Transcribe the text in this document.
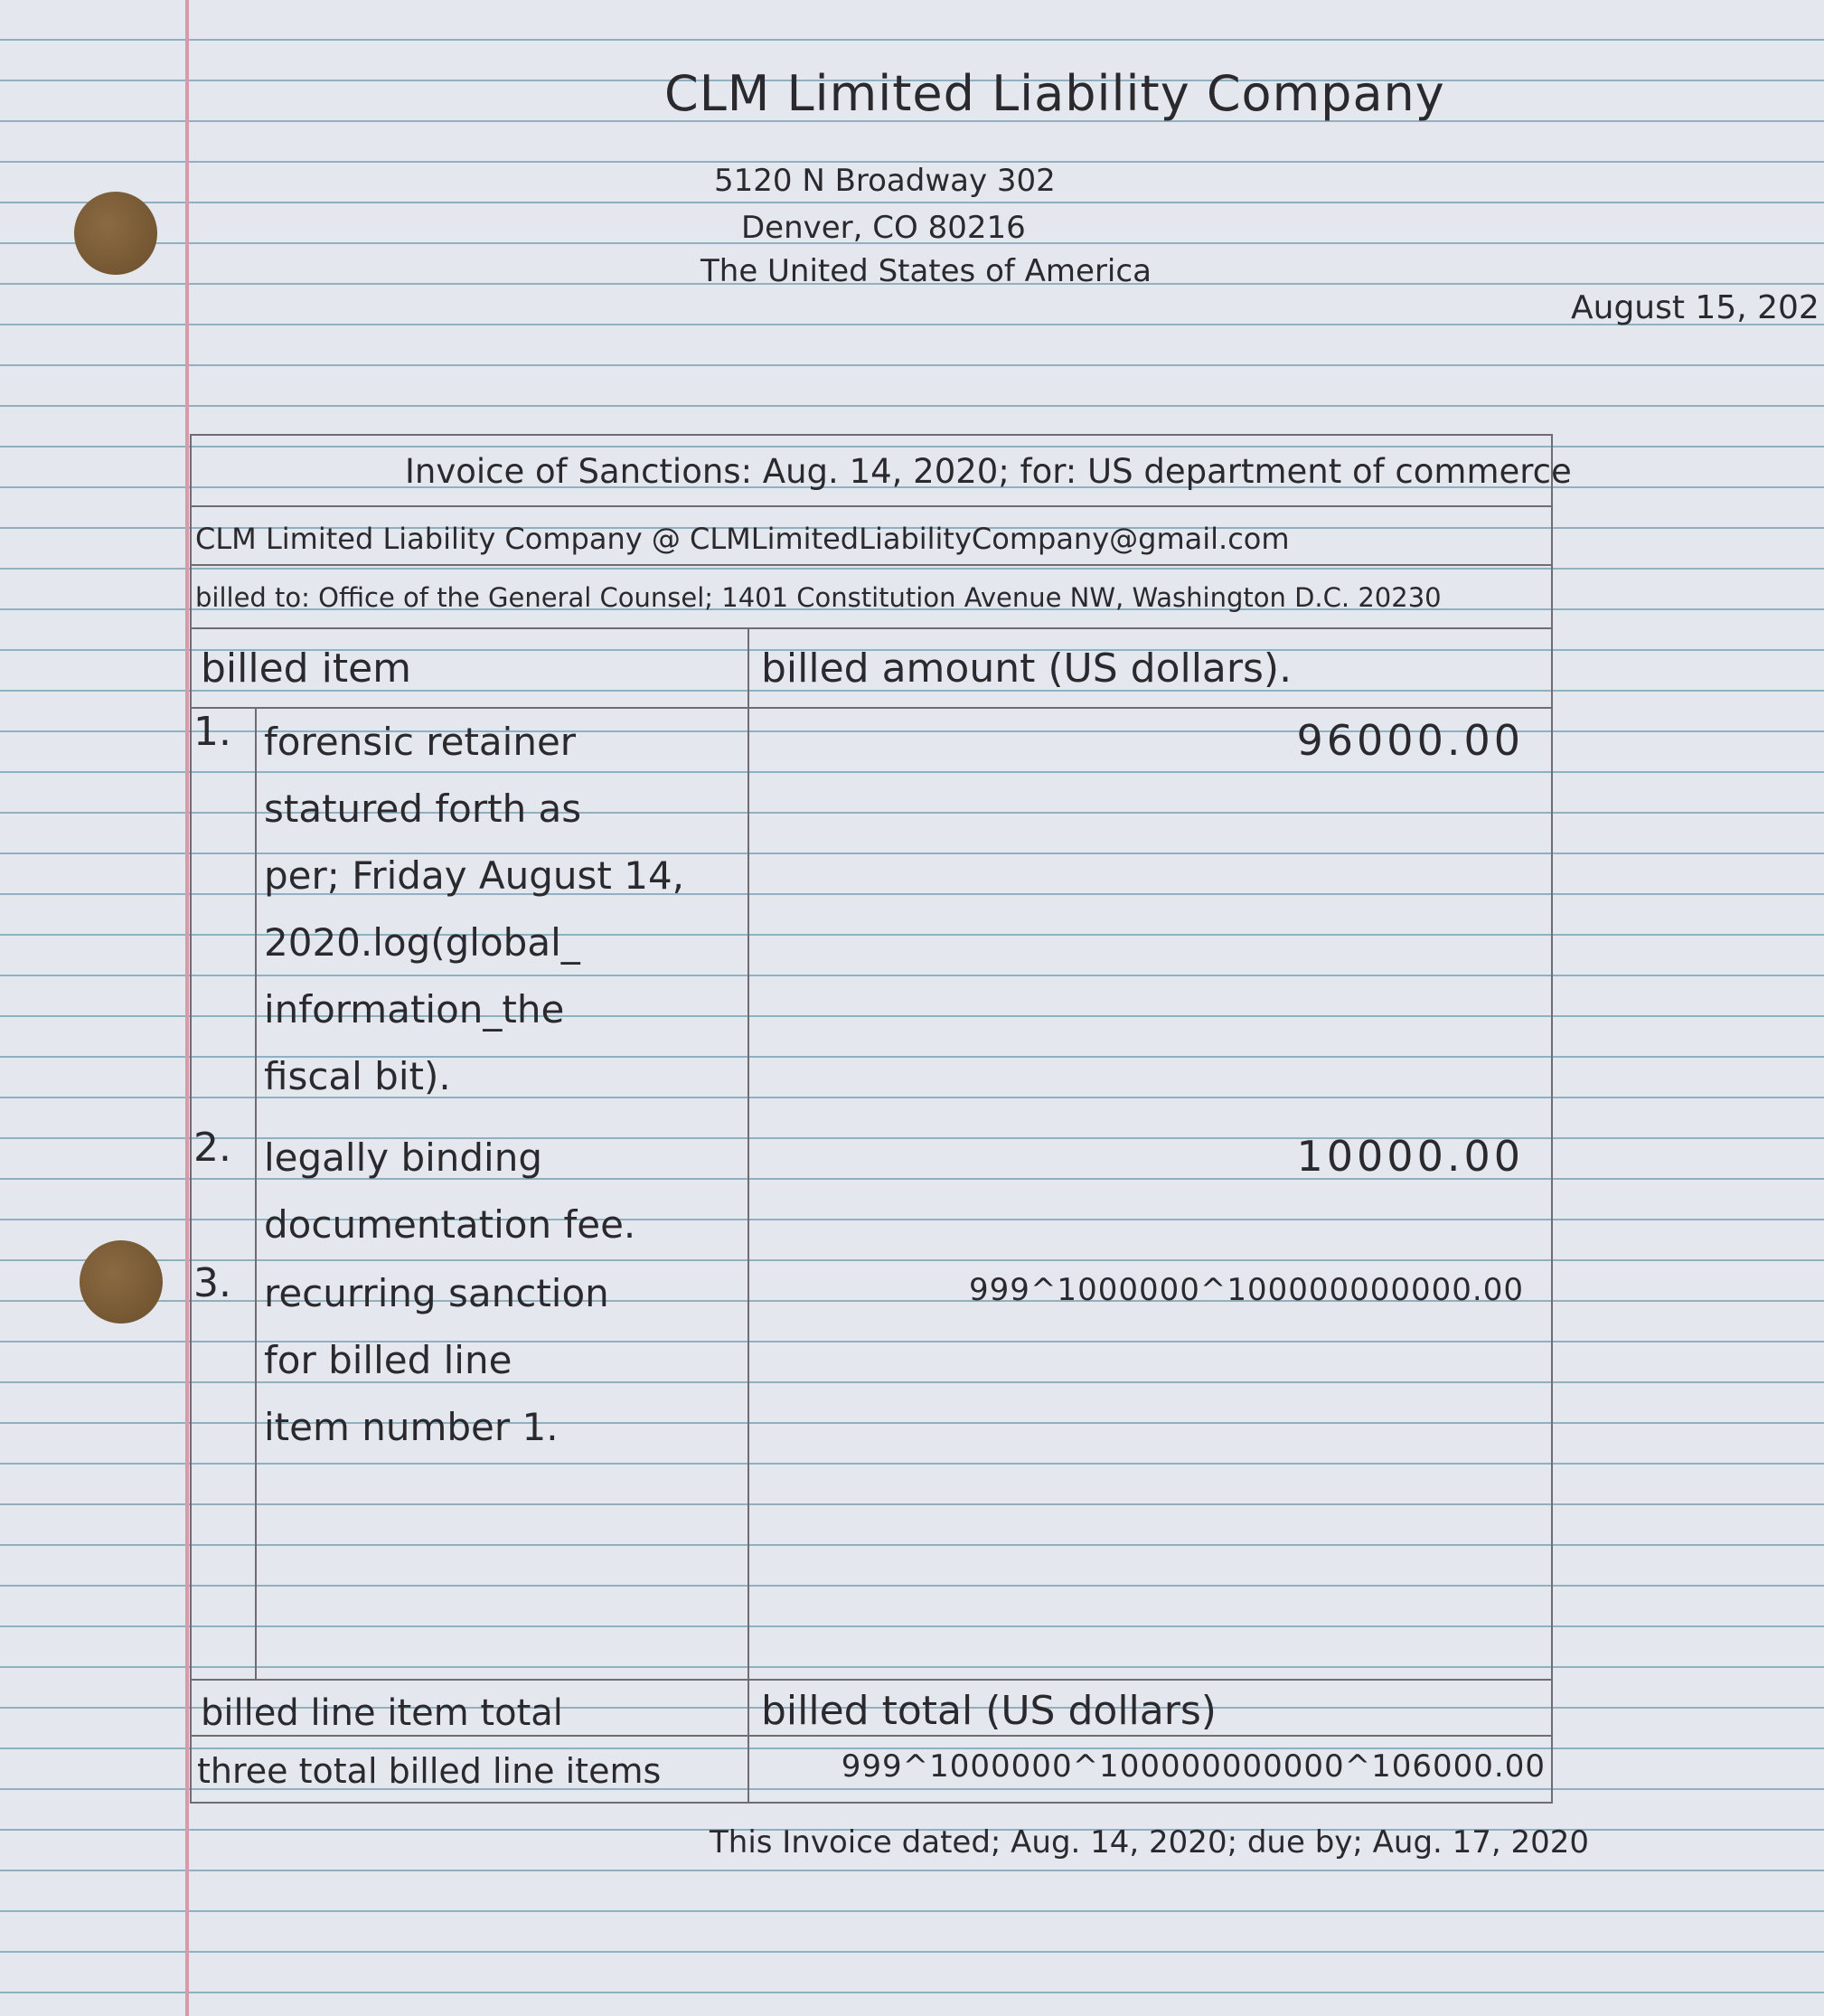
CLM Limited Liability Company
5120 N Broadway 302
Denver, CO 80216
The United States of America
August 15, 202
Invoice of Sanctions: Aug. 14, 2020; for: US department of commerce
CLM Limited Liability Company @ CLMLimitedLiabilityCompany@gmail.com
billed to: Office of the General Counsel; 1401 Constitution Avenue NW, Washington D.C. 20230
billed item	billed amount (US dollars).
1. forensic retainer
statured forth as
per; Friday August 14,
2020.log(global_
information_the
fiscal bit).
96000.00
2. legally binding
documentation fee.
10000.00
3. recurring sanction
for billed line
item number 1.
999^1000000^100000000000.00
billed line item total	billed total (US dollars)
three total billed line items	999^1000000^100000000000^106000.00
This Invoice dated; Aug. 14, 2020; due by; Aug. 17, 2020
